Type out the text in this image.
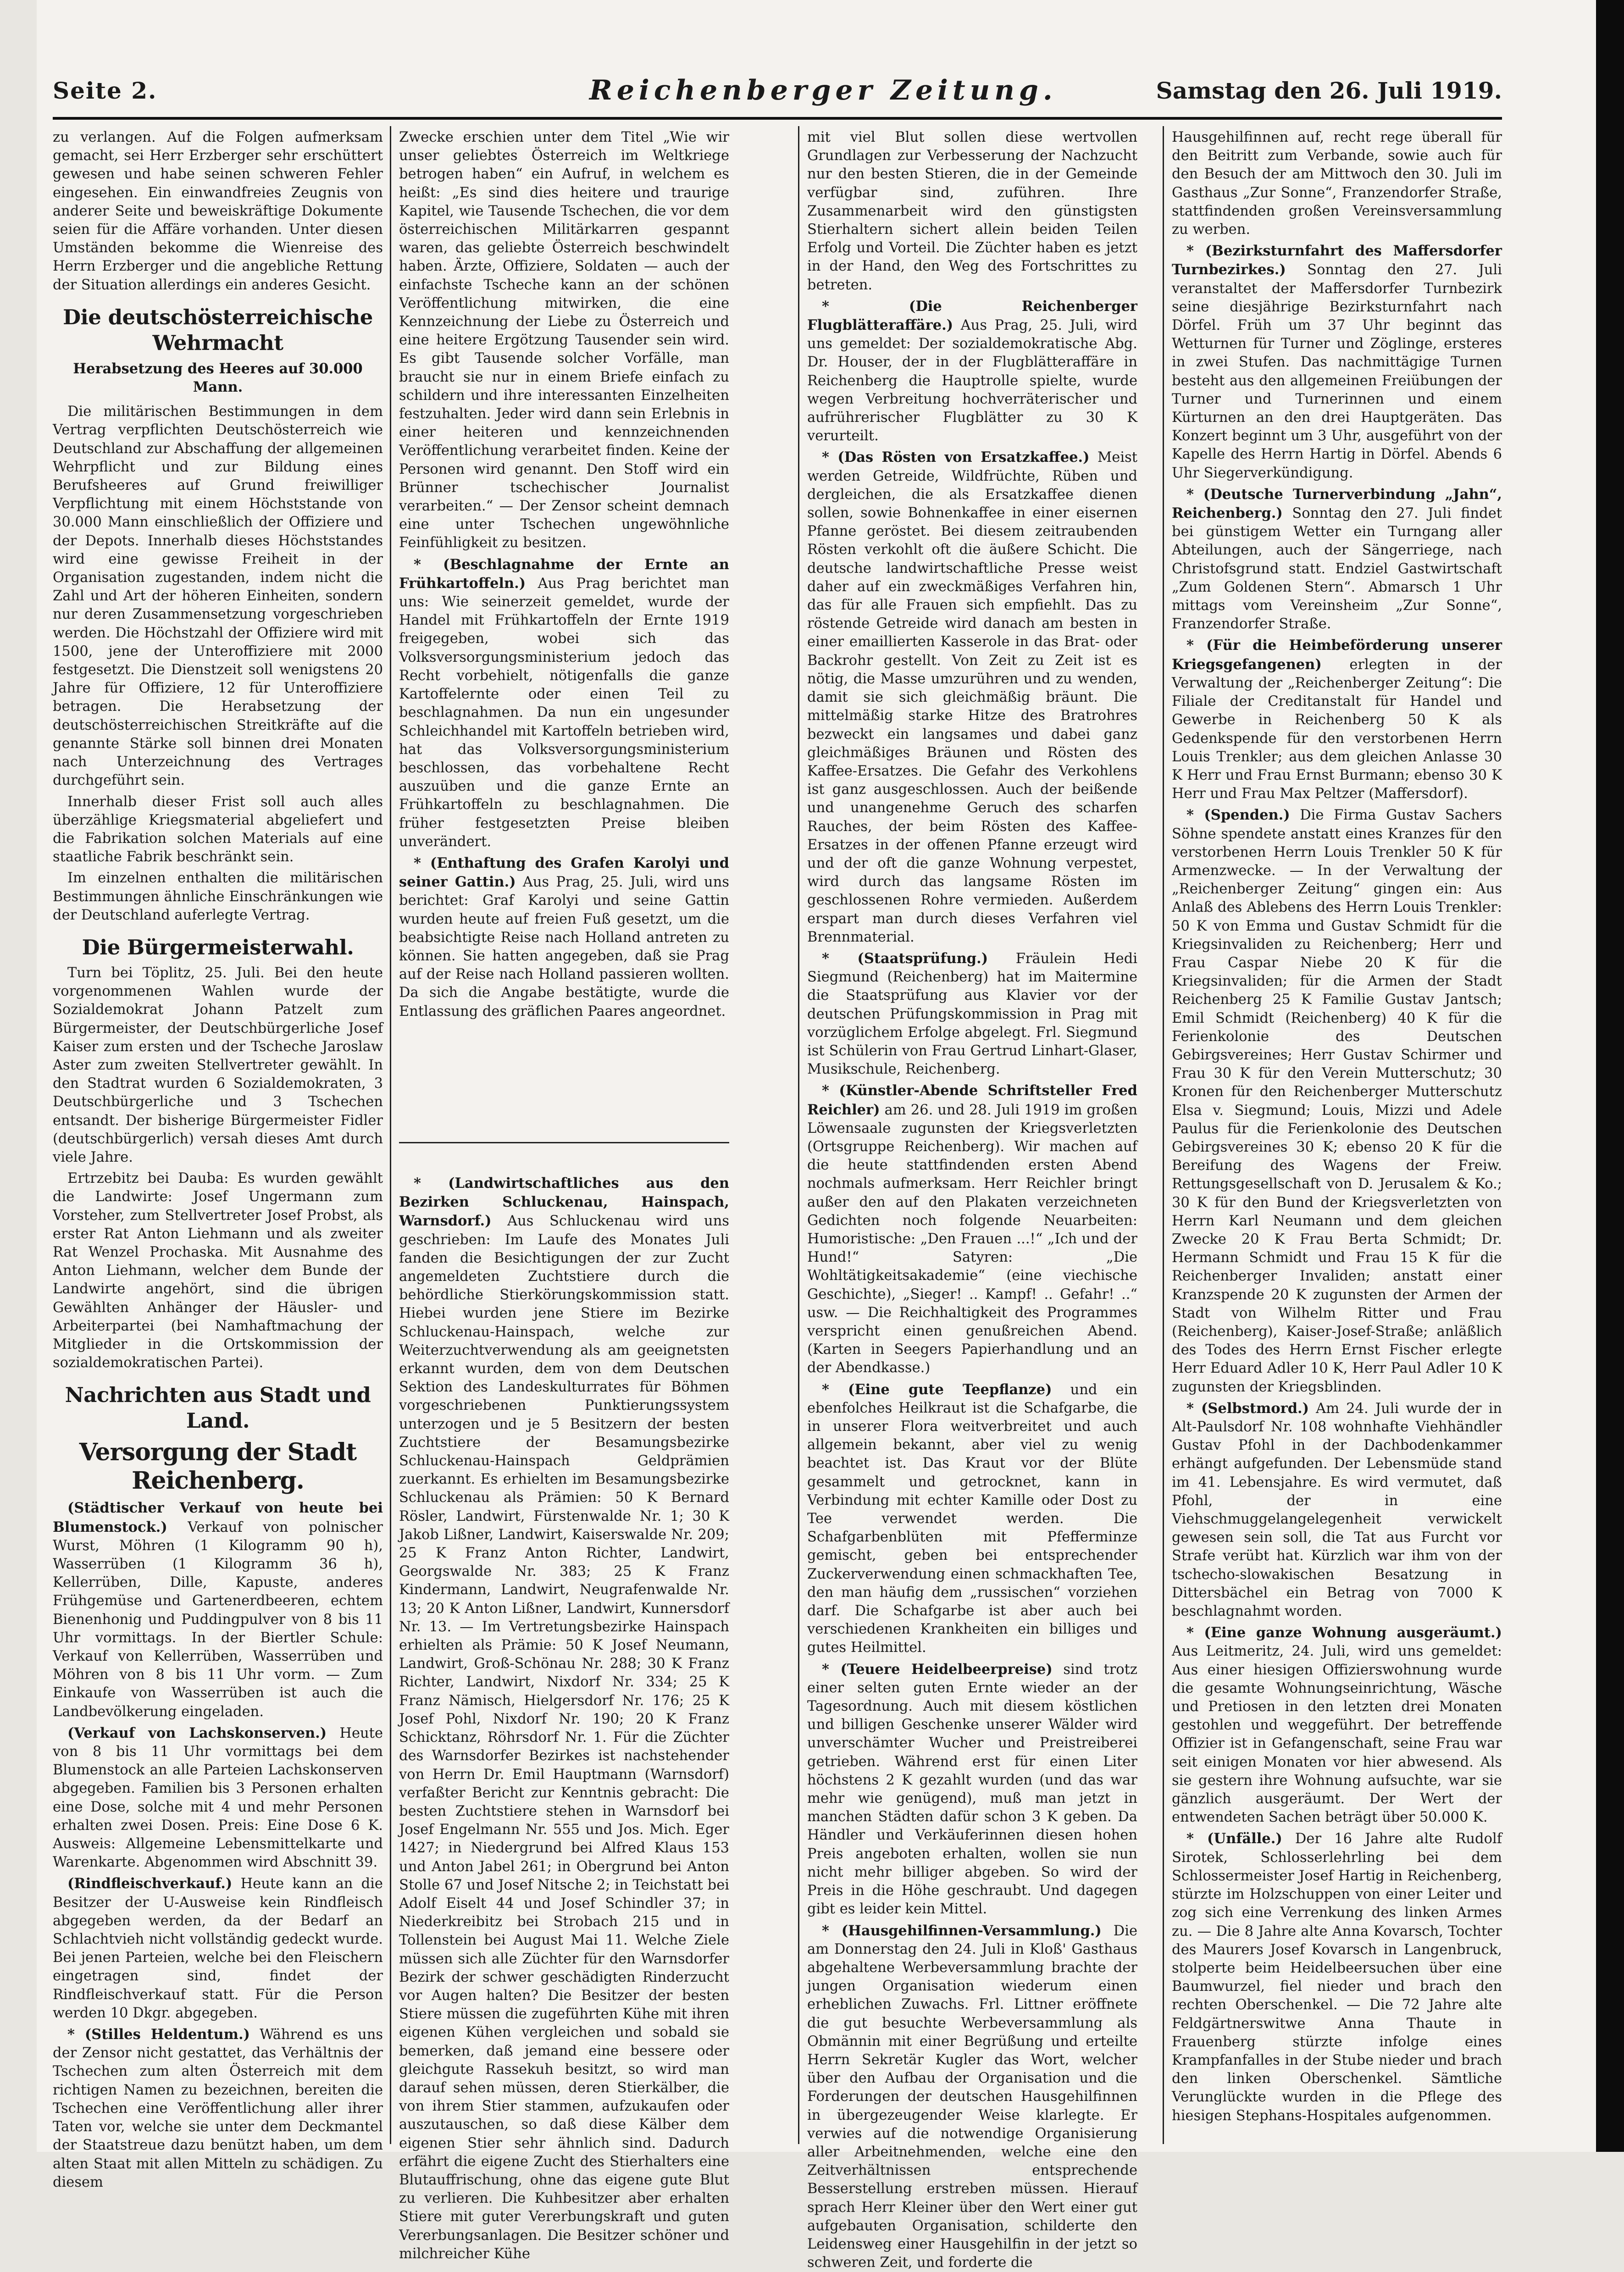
Seite 2.	Reichenberger Zeitung.	Samstag den 26. Juli 1919.

zu verlangen. Auf die Folgen aufmerksam gemacht, sei Herr Erzberger sehr erschüttert gewesen und habe seinen schweren Fehler eingesehen. Ein einwandfreies Zeugnis von anderer Seite und beweiskräftige Dokumente seien für die Affäre vorhanden. Unter diesen Umständen bekomme die Wienreise des Herrn Erzberger und die angebliche Rettung der Situation allerdings ein anderes Gesicht.

Die deutschösterreichische Wehrmacht
Herabsetzung des Heeres auf 30.000 Mann.

Die militärischen Bestimmungen in dem Vertrag verpflichten Deutschösterreich wie Deutschland zur Abschaffung der allgemeinen Wehrpflicht und zur Bildung eines Berufsheeres auf Grund freiwilliger Verpflichtung mit einem Höchststande von 30.000 Mann einschließlich der Offiziere und der Depots. Innerhalb dieses Höchststandes wird eine gewisse Freiheit in der Organisation zugestanden, indem nicht die Zahl und Art der höheren Einheiten, sondern nur deren Zusammensetzung vorgeschrieben werden. Die Höchstzahl der Offiziere wird mit 1500, jene der Unteroffiziere mit 2000 festgesetzt. Die Dienstzeit soll wenigstens 20 Jahre für Offiziere, 12 für Unteroffiziere betragen. Die Herabsetzung der deutschösterreichischen Streitkräfte auf die genannte Stärke soll binnen drei Monaten nach Unterzeichnung des Vertrages durchgeführt sein.

Innerhalb dieser Frist soll auch alles überzählige Kriegsmaterial abgeliefert und die Fabrikation solchen Materials auf eine staatliche Fabrik beschränkt sein.

Im einzelnen enthalten die militärischen Bestimmungen ähnliche Einschränkungen wie der Deutschland auferlegte Vertrag.

Die Bürgermeisterwahl.

Turn bei Töplitz, 25. Juli. Bei den heute vorgenommenen Wahlen wurde der Sozialdemokrat Johann Patzelt zum Bürgermeister, der Deutschbürgerliche Josef Kaiser zum ersten und der Tscheche Jaroslaw Aster zum zweiten Stellvertreter gewählt. In den Stadtrat wurden 6 Sozialdemokraten, 3 Deutschbürgerliche und 3 Tschechen entsandt. Der bisherige Bürgermeister Fidler (deutschbürgerlich) versah dieses Amt durch viele Jahre.

Ertrzebitz bei Dauba: Es wurden gewählt die Landwirte: Josef Ungermann zum Vorsteher, zum Stellvertreter Josef Probst, als erster Rat Anton Liehmann und als zweiter Rat Wenzel Prochaska. Mit Ausnahme des Anton Liehmann, welcher dem Bunde der Landwirte angehört, sind die übrigen Gewählten Anhänger der Häusler- und Arbeiterpartei (bei Namhaftmachung der Mitglieder in die Ortskommission der sozialdemokratischen Partei).

Nachrichten aus Stadt und Land.
Versorgung der Stadt Reichenberg.

(Städtischer Verkauf von heute bei Blumenstock.) Verkauf von polnischer Wurst, Möhren (1 Kilogramm 90 h), Wasserrüben (1 Kilogramm 36 h), Kellerrüben, Dille, Kapuste, anderes Frühgemüse und Gartenerdbeeren, echtem Bienenhonig und Puddingpulver von 8 bis 11 Uhr vormittags. In der Biertler Schule: Verkauf von Kellerrüben, Wasserrüben und Möhren von 8 bis 11 Uhr vorm. — Zum Einkaufe von Wasserrüben ist auch die Landbevölkerung eingeladen.

(Verkauf von Lachskonserven.) Heute von 8 bis 11 Uhr vormittags bei dem Blumenstock an alle Parteien Lachskonserven abgegeben. Familien bis 3 Personen erhalten eine Dose, solche mit 4 und mehr Personen erhalten zwei Dosen. Preis: Eine Dose 6 K. Ausweis: Allgemeine Lebensmittelkarte und Warenkarte. Abgenommen wird Abschnitt 39.

(Rindfleischverkauf.) Heute kann an die Besitzer der U-Ausweise kein Rindfleisch abgegeben werden, da der Bedarf an Schlachtvieh nicht vollständig gedeckt wurde. Bei jenen Parteien, welche bei den Fleischern eingetragen sind, findet der Rindfleischverkauf statt. Für die Person werden 10 Dkgr. abgegeben.

* (Stilles Heldentum.) Während es uns der Zensor nicht gestattet, das Verhältnis der Tschechen zum alten Österreich mit dem richtigen Namen zu bezeichnen, bereiten die Tschechen eine Veröffentlichung aller ihrer Taten vor, welche sie unter dem Deckmantel der Staatstreue dazu benützt haben, um dem alten Staat mit allen Mitteln zu schädigen. Zu diesem

Zwecke erschien unter dem Titel „Wie wir unser geliebtes Österreich im Weltkriege betrogen haben“ ein Aufruf, in welchem es heißt: „Es sind dies heitere und traurige Kapitel, wie Tausende Tschechen, die vor dem österreichischen Militärkarren gespannt waren, das geliebte Österreich beschwindelt haben. Ärzte, Offiziere, Soldaten — auch der einfachste Tscheche kann an der schönen Veröffentlichung mitwirken, die eine Kennzeichnung der Liebe zu Österreich und eine heitere Ergötzung Tausender sein wird. Es gibt Tausende solcher Vorfälle, man braucht sie nur in einem Briefe einfach zu schildern und ihre interessanten Einzelheiten festzuhalten. Jeder wird dann sein Erlebnis in einer heiteren und kennzeichnenden Veröffentlichung verarbeitet finden. Keine der Personen wird genannt. Den Stoff wird ein Brünner tschechischer Journalist verarbeiten.“ — Der Zensor scheint demnach eine unter Tschechen ungewöhnliche Feinfühligkeit zu besitzen.

* (Beschlagnahme der Ernte an Frühkartoffeln.) Aus Prag berichtet man uns: Wie seinerzeit gemeldet, wurde der Handel mit Frühkartoffeln der Ernte 1919 freigegeben, wobei sich das Volksversorgungsministerium jedoch das Recht vorbehielt, nötigenfalls die ganze Kartoffelernte oder einen Teil zu beschlagnahmen. Da nun ein ungesunder Schleichhandel mit Kartoffeln betrieben wird, hat das Volksversorgungsministerium beschlossen, das vorbehaltene Recht auszuüben und die ganze Ernte an Frühkartoffeln zu beschlagnahmen. Die früher festgesetzten Preise bleiben unverändert.

* (Enthaftung des Grafen Karolyi und seiner Gattin.) Aus Prag, 25. Juli, wird uns berichtet: Graf Karolyi und seine Gattin wurden heute auf freien Fuß gesetzt, um die beabsichtigte Reise nach Holland antreten zu können. Sie hatten angegeben, daß sie Prag auf der Reise nach Holland passieren wollten. Da sich die Angabe bestätigte, wurde die Entlassung des gräflichen Paares angeordnet.

* (Landwirtschaftliches aus den Bezirken Schluckenau, Hainspach, Warnsdorf.) Aus Schluckenau wird uns geschrieben: Im Laufe des Monates Juli fanden die Besichtigungen der zur Zucht angemeldeten Zuchtstiere durch die behördliche Stierkörungskommission statt. Hiebei wurden jene Stiere im Bezirke Schluckenau-Hainspach, welche zur Weiterzuchtverwendung als am geeignetsten erkannt wurden, dem von dem Deutschen Sektion des Landeskulturrates für Böhmen vorgeschriebenen Punktierungssystem unterzogen und je 5 Besitzern der besten Zuchtstiere der Besamungsbezirke Schluckenau-Hainspach Geldprämien zuerkannt. Es erhielten im Besamungsbezirke Schluckenau als Prämien: 50 K Bernard Rösler, Landwirt, Fürstenwalde Nr. 1; 30 K Jakob Lißner, Landwirt, Kaiserswalde Nr. 209; 25 K Franz Anton Richter, Landwirt, Georgswalde Nr. 383; 25 K Franz Kindermann, Landwirt, Neugrafenwalde Nr. 13; 20 K Anton Lißner, Landwirt, Kunnersdorf Nr. 13. — Im Vertretungsbezirke Hainspach erhielten als Prämie: 50 K Josef Neumann, Landwirt, Groß-Schönau Nr. 288; 30 K Franz Richter, Landwirt, Nixdorf Nr. 334; 25 K Franz Nämisch, Hielgersdorf Nr. 176; 25 K Josef Pohl, Nixdorf Nr. 190; 20 K Franz Schicktanz, Röhrsdorf Nr. 1. Für die Züchter des Warnsdorfer Bezirkes ist nachstehender von Herrn Dr. Emil Hauptmann (Warnsdorf) verfaßter Bericht zur Kenntnis gebracht: Die besten Zuchtstiere stehen in Warnsdorf bei Josef Engelmann Nr. 555 und Jos. Mich. Eger 1427; in Niedergrund bei Alfred Klaus 153 und Anton Jabel 261; in Obergrund bei Anton Stolle 67 und Josef Nitsche 2; in Teichstatt bei Adolf Eiselt 44 und Josef Schindler 37; in Niederkreibitz bei Strobach 215 und in Tollenstein bei August Mai 11. Welche Ziele müssen sich alle Züchter für den Warnsdorfer Bezirk der schwer geschädigten Rinderzucht vor Augen halten? Die Besitzer der besten Stiere müssen die zugeführten Kühe mit ihren eigenen Kühen vergleichen und sobald sie bemerken, daß jemand eine bessere oder gleichgute Rassekuh besitzt, so wird man darauf sehen müssen, deren Stierkälber, die von ihrem Stier stammen, aufzukaufen oder auszutauschen, so daß diese Kälber dem eigenen Stier sehr ähnlich sind. Dadurch erfährt die eigene Zucht des Stierhalters eine Blutauffrischung, ohne das eigene gute Blut zu verlieren. Die Kuhbesitzer aber erhalten Stiere mit guter Vererbungskraft und guten Vererbungsanlagen. Die Besitzer schöner und milchreicher Kühe

mit viel Blut sollen diese wertvollen Grundlagen zur Verbesserung der Nachzucht nur den besten Stieren, die in der Gemeinde verfügbar sind, zuführen. Ihre Zusammenarbeit wird den günstigsten Stierhaltern sichert allein beiden Teilen Erfolg und Vorteil. Die Züchter haben es jetzt in der Hand, den Weg des Fortschrittes zu betreten.

* (Die Reichenberger Flugblätteraffäre.) Aus Prag, 25. Juli, wird uns gemeldet: Der sozialdemokratische Abg. Dr. Houser, der in der Flugblätteraffäre in Reichenberg die Hauptrolle spielte, wurde wegen Verbreitung hochverräterischer und aufrührerischer Flugblätter zu 30 K verurteilt.

* (Das Rösten von Ersatzkaffee.) Meist werden Getreide, Wildfrüchte, Rüben und dergleichen, die als Ersatzkaffee dienen sollen, sowie Bohnenkaffee in einer eisernen Pfanne geröstet. Bei diesem zeitraubenden Rösten verkohlt oft die äußere Schicht. Die deutsche landwirtschaftliche Presse weist daher auf ein zweckmäßiges Verfahren hin, das für alle Frauen sich empfiehlt. Das zu röstende Getreide wird danach am besten in einer emaillierten Kasserole in das Brat- oder Backrohr gestellt. Von Zeit zu Zeit ist es nötig, die Masse umzurühren und zu wenden, damit sie sich gleichmäßig bräunt. Die mittelmäßig starke Hitze des Bratrohres bezweckt ein langsames und dabei ganz gleichmäßiges Bräunen und Rösten des Kaffee-Ersatzes. Die Gefahr des Verkohlens ist ganz ausgeschlossen. Auch der beißende und unangenehme Geruch des scharfen Rauches, der beim Rösten des Kaffee-Ersatzes in der offenen Pfanne erzeugt wird und der oft die ganze Wohnung verpestet, wird durch das langsame Rösten im geschlossenen Rohre vermieden. Außerdem erspart man durch dieses Verfahren viel Brennmaterial.

* (Staatsprüfung.) Fräulein Hedi Siegmund (Reichenberg) hat im Maitermine die Staatsprüfung aus Klavier vor der deutschen Prüfungskommission in Prag mit vorzüglichem Erfolge abgelegt. Frl. Siegmund ist Schülerin von Frau Gertrud Linhart-Glaser, Musikschule, Reichenberg.

* (Künstler-Abende Schriftsteller Fred Reichler) am 26. und 28. Juli 1919 im großen Löwensaale zugunsten der Kriegsverletzten (Ortsgruppe Reichenberg). Wir machen auf die heute stattfindenden ersten Abend nochmals aufmerksam. Herr Reichler bringt außer den auf den Plakaten verzeichneten Gedichten noch folgende Neuarbeiten: Humoristische: „Den Frauen ...!“ „Ich und der Hund!“ Satyren: „Die Wohltätigkeitsakademie“ (eine viechische Geschichte), „Sieger! .. Kampf! .. Gefahr! ..“ usw. — Die Reichhaltigkeit des Programmes verspricht einen genußreichen Abend. (Karten in Seegers Papierhandlung und an der Abendkasse.)

* (Eine gute Teepflanze) und ein ebenfolches Heilkraut ist die Schafgarbe, die in unserer Flora weitverbreitet und auch allgemein bekannt, aber viel zu wenig beachtet ist. Das Kraut vor der Blüte gesammelt und getrocknet, kann in Verbindung mit echter Kamille oder Dost zu Tee verwendet werden. Die Schafgarbenblüten mit Pfefferminze gemischt, geben bei entsprechender Zuckerverwendung einen schmackhaften Tee, den man häufig dem „russischen“ vorziehen darf. Die Schafgarbe ist aber auch bei verschiedenen Krankheiten ein billiges und gutes Heilmittel.

* (Teuere Heidelbeerpreise) sind trotz einer selten guten Ernte wieder an der Tagesordnung. Auch mit diesem köstlichen und billigen Geschenke unserer Wälder wird unverschämter Wucher und Preistreiberei getrieben. Während erst für einen Liter höchstens 2 K gezahlt wurden (und das war mehr wie genügend), muß man jetzt in manchen Städten dafür schon 3 K geben. Da Händler und Verkäuferinnen diesen hohen Preis angeboten erhalten, wollen sie nun nicht mehr billiger abgeben. So wird der Preis in die Höhe geschraubt. Und dagegen gibt es leider kein Mittel.

* (Hausgehilfinnen-Versammlung.) Die am Donnerstag den 24. Juli in Kloß' Gasthaus abgehaltene Werbeversammlung brachte der jungen Organisation wiederum einen erheblichen Zuwachs. Frl. Littner eröffnete die gut besuchte Werbeversammlung als Obmännin mit einer Begrüßung und erteilte Herrn Sekretär Kugler das Wort, welcher über den Aufbau der Organisation und die Forderungen der deutschen Hausgehilfinnen in übergezeugender Weise klarlegte. Er verwies auf die notwendige Organisierung aller Arbeitnehmenden, welche eine den Zeitverhältnissen entsprechende Besserstellung erstreben müssen. Hierauf sprach Herr Kleiner über den Wert einer gut aufgebauten Organisation, schilderte den Leidensweg einer Hausgehilfin in der jetzt so schweren Zeit, und forderte die

Hausgehilfinnen auf, recht rege überall für den Beitritt zum Verbande, sowie auch für den Besuch der am Mittwoch den 30. Juli im Gasthaus „Zur Sonne“, Franzendorfer Straße, stattfindenden großen Vereinsversammlung zu werben.

* (Bezirksturnfahrt des Maffersdorfer Turnbezirkes.) Sonntag den 27. Juli veranstaltet der Maffersdorfer Turnbezirk seine diesjährige Bezirksturnfahrt nach Dörfel. Früh um 37 Uhr beginnt das Wetturnen für Turner und Zöglinge, ersteres in zwei Stufen. Das nachmittägige Turnen besteht aus den allgemeinen Freiübungen der Turner und Turnerinnen und einem Kürturnen an den drei Hauptgeräten. Das Konzert beginnt um 3 Uhr, ausgeführt von der Kapelle des Herrn Hartig in Dörfel. Abends 6 Uhr Siegerverkündigung.

* (Deutsche Turnerverbindung „Jahn“, Reichenberg.) Sonntag den 27. Juli findet bei günstigem Wetter ein Turngang aller Abteilungen, auch der Sängerriege, nach Christofsgrund statt. Endziel Gastwirtschaft „Zum Goldenen Stern“. Abmarsch 1 Uhr mittags vom Vereinsheim „Zur Sonne“, Franzendorfer Straße.

* (Für die Heimbeförderung unserer Kriegsgefangenen) erlegten in der Verwaltung der „Reichenberger Zeitung“: Die Filiale der Creditanstalt für Handel und Gewerbe in Reichenberg 50 K als Gedenkspende für den verstorbenen Herrn Louis Trenkler; aus dem gleichen Anlasse 30 K Herr und Frau Ernst Burmann; ebenso 30 K Herr und Frau Max Peltzer (Maffersdorf).

* (Spenden.) Die Firma Gustav Sachers Söhne spendete anstatt eines Kranzes für den verstorbenen Herrn Louis Trenkler 50 K für Armenzwecke. — In der Verwaltung der „Reichenberger Zeitung“ gingen ein: Aus Anlaß des Ablebens des Herrn Louis Trenkler: 50 K von Emma und Gustav Schmidt für die Kriegsinvaliden zu Reichenberg; Herr und Frau Caspar Niebe 20 K für die Kriegsinvaliden; für die Armen der Stadt Reichenberg 25 K Familie Gustav Jantsch; Emil Schmidt (Reichenberg) 40 K für die Ferienkolonie des Deutschen Gebirgsvereines; Herr Gustav Schirmer und Frau 30 K für den Verein Mutterschutz; 30 Kronen für den Reichenberger Mutterschutz Elsa v. Siegmund; Louis, Mizzi und Adele Paulus für die Ferienkolonie des Deutschen Gebirgsvereines 30 K; ebenso 20 K für die Bereifung des Wagens der Freiw. Rettungsgesellschaft von D. Jerusalem & Ko.; 30 K für den Bund der Kriegsverletzten von Herrn Karl Neumann und dem gleichen Zwecke 20 K Frau Berta Schmidt; Dr. Hermann Schmidt und Frau 15 K für die Reichenberger Invaliden; anstatt einer Kranzspende 20 K zugunsten der Armen der Stadt von Wilhelm Ritter und Frau (Reichenberg), Kaiser-Josef-Straße; anläßlich des Todes des Herrn Ernst Fischer erlegte Herr Eduard Adler 10 K, Herr Paul Adler 10 K zugunsten der Kriegsblinden.

* (Selbstmord.) Am 24. Juli wurde der in Alt-Paulsdorf Nr. 108 wohnhafte Viehhändler Gustav Pfohl in der Dachbodenkammer erhängt aufgefunden. Der Lebensmüde stand im 41. Lebensjahre. Es wird vermutet, daß Pfohl, der in eine Viehschmuggelangelegenheit verwickelt gewesen sein soll, die Tat aus Furcht vor Strafe verübt hat. Kürzlich war ihm von der tschecho-slowakischen Besatzung in Dittersbächel ein Betrag von 7000 K beschlagnahmt worden.

* (Eine ganze Wohnung ausgeräumt.) Aus Leitmeritz, 24. Juli, wird uns gemeldet: Aus einer hiesigen Offizierswohnung wurde die gesamte Wohnungseinrichtung, Wäsche und Pretiosen in den letzten drei Monaten gestohlen und weggeführt. Der betreffende Offizier ist in Gefangenschaft, seine Frau war seit einigen Monaten vor hier abwesend. Als sie gestern ihre Wohnung aufsuchte, war sie gänzlich ausgeräumt. Der Wert der entwendeten Sachen beträgt über 50.000 K.

* (Unfälle.) Der 16 Jahre alte Rudolf Sirotek, Schlosserlehrling bei dem Schlossermeister Josef Hartig in Reichenberg, stürzte im Holzschuppen von einer Leiter und zog sich eine Verrenkung des linken Armes zu. — Die 8 Jahre alte Anna Kovarsch, Tochter des Maurers Josef Kovarsch in Langenbruck, stolperte beim Heidelbeersuchen über eine Baumwurzel, fiel nieder und brach den rechten Oberschenkel. — Die 72 Jahre alte Feldgärtnerswitwe Anna Thaute in Frauenberg stürzte infolge eines Krampfanfalles in der Stube nieder und brach den linken Oberschenkel. Sämtliche Verunglückte wurden in die Pflege des hiesigen Stephans-Hospitales aufgenommen.
